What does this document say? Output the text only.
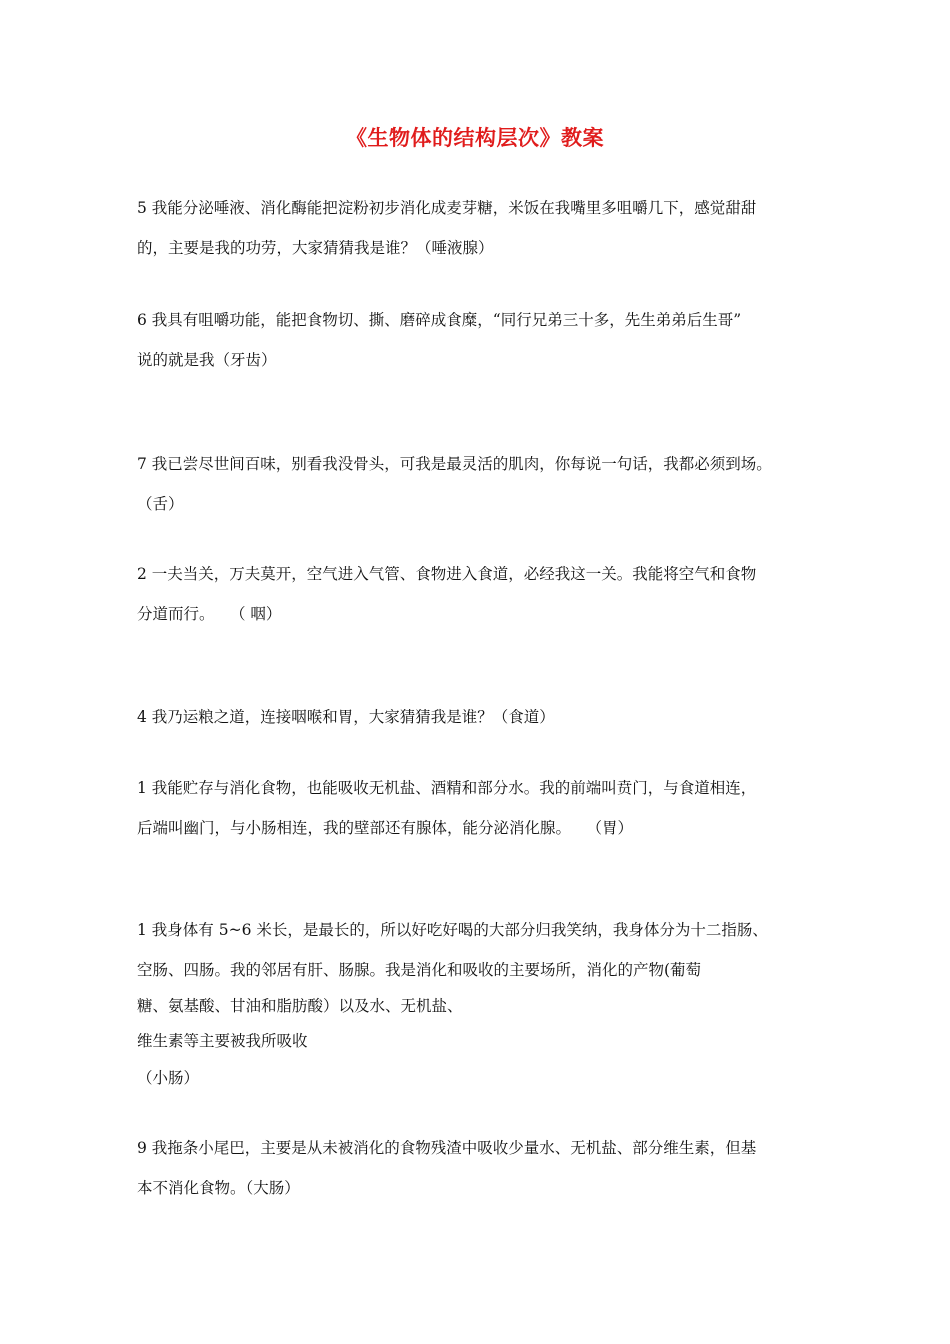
《生物体的结构层次》教案
5 我能分泌唾液、消化酶能把淀粉初步消化成麦芽糖，米饭在我嘴里多咀嚼几下，感觉甜甜
的，主要是我的功劳，大家猜猜我是谁？（唾液腺）
6 我具有咀嚼功能，能把食物切、撕、磨碎成食糜，“同行兄弟三十多，先生弟弟后生哥”
说的就是我（牙齿）
7 我已尝尽世间百味，别看我没骨头，可我是最灵活的肌肉，你每说一句话，我都必须到场。
（舌）
2 一夫当关，万夫莫开，空气进入气管、食物进入食道，必经我这一关。我能将空气和食物
分道而行。　　（ 咽）
4 我乃运粮之道，连接咽喉和胃，大家猜猜我是谁？（食道）
1 我能贮存与消化食物，也能吸收无机盐、酒精和部分水。我的前端叫贲门，与食道相连，
后端叫幽门，与小肠相连，我的壁部还有腺体，能分泌消化腺。　　（胃）
1 我身体有 5~6 米长，是最长的，所以好吃好喝的大部分归我笑纳，我身体分为十二指肠、
空肠、四肠。我的邻居有肝、肠腺。我是消化和吸收的主要场所，消化的产物(葡萄
糖、氨基酸、甘油和脂肪酸）以及水、无机盐、
维生素等主要被我所吸收
（小肠）
9 我拖条小尾巴，主要是从未被消化的食物残渣中吸收少量水、无机盐、部分维生素，但基
本不消化食物。（大肠）
